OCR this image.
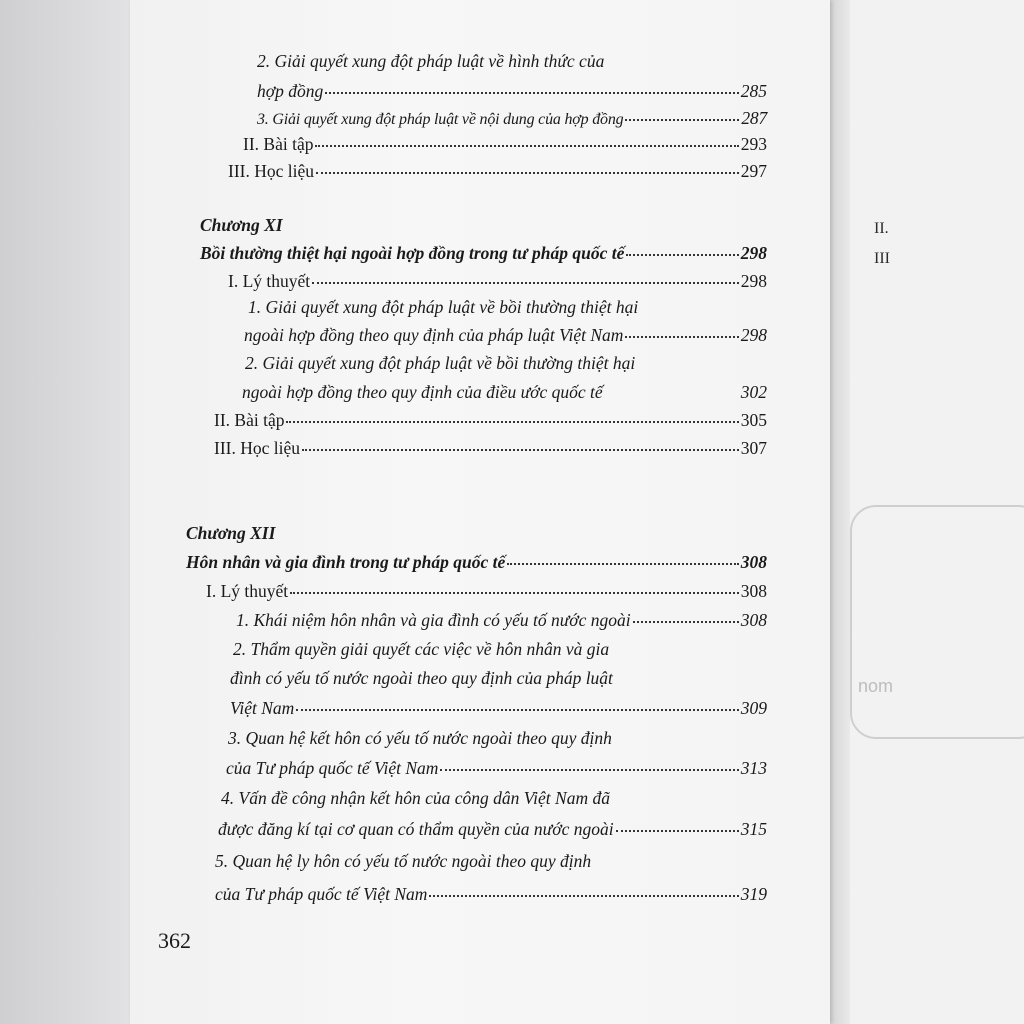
II.
III
nom
2. Giải quyết xung đột pháp luật về hình thức của
hợp đồng	285
3. Giải quyết xung đột pháp luật về nội dung của hợp đồng	287
II. Bài tập	293
III. Học liệu	297
Chương XI
Bồi thường thiệt hại ngoài hợp đồng trong tư pháp quốc tế	298
I. Lý thuyết	298
1. Giải quyết xung đột pháp luật về bồi thường thiệt hại
ngoài hợp đồng theo quy định của pháp luật Việt Nam	298
2. Giải quyết xung đột pháp luật về bồi thường thiệt hại
ngoài hợp đồng theo quy định của điều ước quốc tế	302
II. Bài tập	305
III. Học liệu	307
Chương XII
Hôn nhân và gia đình trong tư pháp quốc tế	308
I. Lý thuyết	308
1. Khái niệm hôn nhân và gia đình có yếu tố nước ngoài	308
2. Thẩm quyền giải quyết các việc về hôn nhân và gia
đình có yếu tố nước ngoài theo quy định của pháp luật
Việt Nam	309
3. Quan hệ kết hôn có yếu tố nước ngoài theo quy định
của Tư pháp quốc tế Việt Nam	313
4. Vấn đề công nhận kết hôn của công dân Việt Nam đã
được đăng kí tại cơ quan có thẩm quyền của nước ngoài	315
5. Quan hệ ly hôn có yếu tố nước ngoài theo quy định
của Tư pháp quốc tế Việt Nam	319
362
